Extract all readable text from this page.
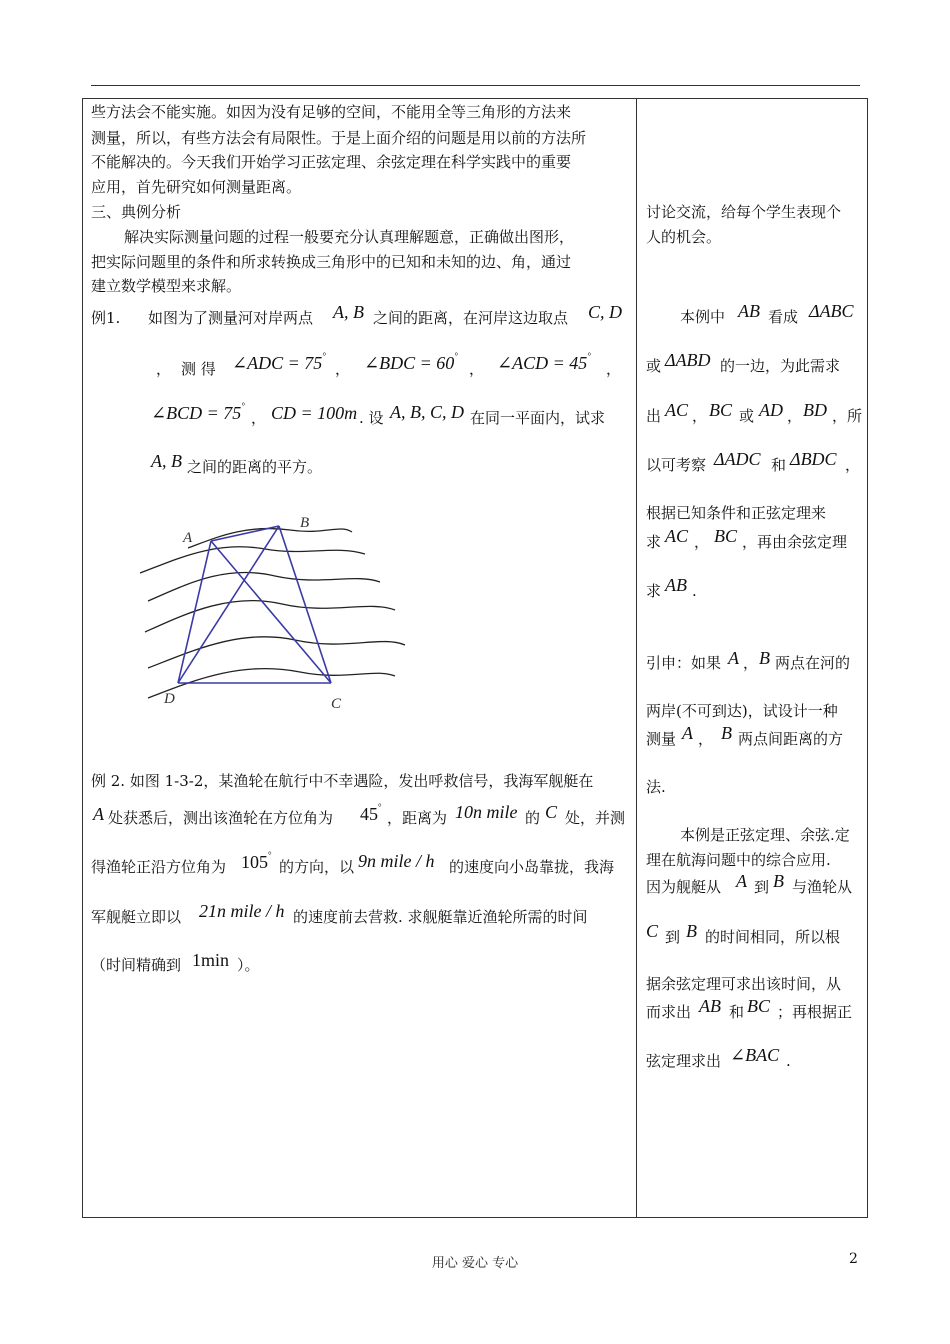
些方法会不能实施。如因为没有足够的空间，不能用全等三角形的方法来
测量，所以，有些方法会有局限性。于是上面介绍的问题是用以前的方法所
不能解决的。今天我们开始学习正弦定理、余弦定理在科学实践中的重要
应用，首先研究如何测量距离。
三、典例分析
解决实际测量问题的过程一般要充分认真理解题意，正确做出图形，
把实际问题里的条件和所求转换成三角形中的已知和未知的边、角，通过
建立数学模型来求解。
例1. 如图为了测量河对岸两点 A, B 之间的距离，在河岸这边取点 C, D
， 测 得 ∠ADC = 75°
， ∠BDC = 60°
， ∠ACD = 45°
，
∠BCD = 75°
， CD = 100m . 设 A, B, C, D 在同一平面内，试求
A, B 之间的距离的平方。
A
B
D	C
例 2. 如图 1-3-2，某渔轮在航行中不幸遇险，发出呼救信号，我海军舰艇在
A 处获悉后，测出该渔轮在方位角为 45°
，距离为 10n mile 的 C 处，并测
得渔轮正沿方位角为 105°
的方向，以 9n mile / h 的速度向小岛靠拢，我海
军舰艇立即以 21n mile / h 的速度前去营救. 求舰艇靠近渔轮所需的时间
（时间精确到 1min ）。
讨论交流，给每个学生表现个
人的机会。
本例中 AB 看成 ΔABC
或 ΔABD 的一边，为此需求
出 AC ， BC 或 AD ， BD ，所
以可考察 ΔADC 和 ΔBDC ，
根据已知条件和正弦定理来
求 AC ， BC ，再由余弦定理
求 AB .
引申：如果 A ， B 两点在河的
两岸(不可到达)，试设计一种
测量 A ， B 两点间距离的方
法.
本例是正弦定理、余弦.定
理在航海问题中的综合应用.
因为舰艇从 A 到 B 与渔轮从
C 到 B 的时间相同，所以根
据余弦定理可求出该时间，从
而求出 AB 和 BC ；再根据正
弦定理求出 ∠BAC .
用心 爱心 专心	2
